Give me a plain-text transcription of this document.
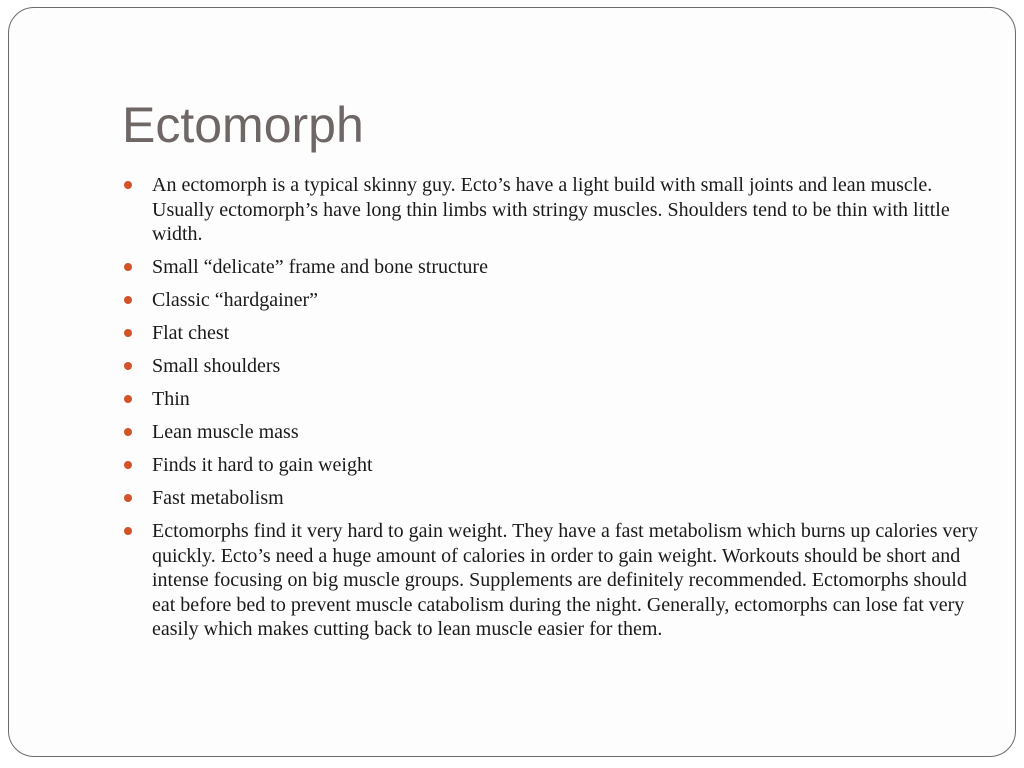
Ectomorph
An ectomorph is a typical skinny guy. Ecto’s have a light build with small joints and lean muscle. Usually ectomorph’s have long thin limbs with stringy muscles. Shoulders tend to be thin with little width.
Small “delicate” frame and bone structure
Classic “hardgainer”
Flat chest
Small shoulders
Thin
Lean muscle mass
Finds it hard to gain weight
Fast metabolism
Ectomorphs find it very hard to gain weight. They have a fast metabolism which burns up calories very quickly. Ecto’s need a huge amount of calories in order to gain weight. Workouts should be short and intense focusing on big muscle groups. Supplements are definitely recommended. Ectomorphs should eat before bed to prevent muscle catabolism during the night. Generally, ectomorphs can lose fat very easily which makes cutting back to lean muscle easier for them.
